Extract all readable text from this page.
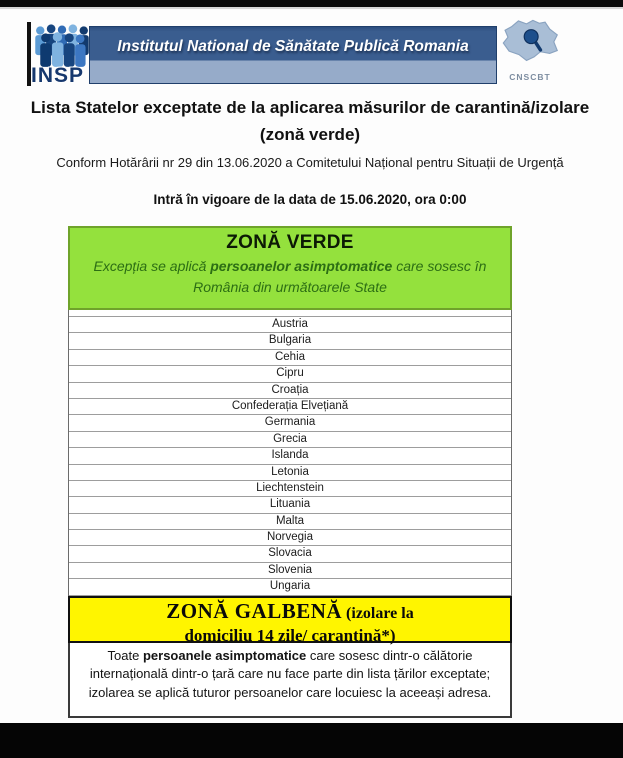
INSP
Institutul National de Sănătate Publică Romania
CNSCBT
Lista Statelor exceptate de la aplicarea măsurilor de carantină/izolare
(zonă verde)
Conform Hotărârii nr 29 din 13.06.2020 a Comitetului Național pentru Situații de Urgență
Intră în vigoare de la data de 15.06.2020, ora 0:00
ZONĂ VERDE
Excepția se aplică persoanelor asimptomatice care sosesc în România din următoarele State
Austria
Bulgaria
Cehia
Cipru
Croația
Confederația Elvețiană
Germania
Grecia
Islanda
Letonia
Liechtenstein
Lituania
Malta
Norvegia
Slovacia
Slovenia
Ungaria
ZONĂ GALBENĂ (izolare la
domiciliu 14 zile/ carantină*)
Toate persoanele asimptomatice care sosesc dintr-o călătorie internațională dintr-o țară care nu face parte din lista țărilor exceptate; izolarea se aplică tuturor persoanelor care locuiesc la aceeași adresa.
